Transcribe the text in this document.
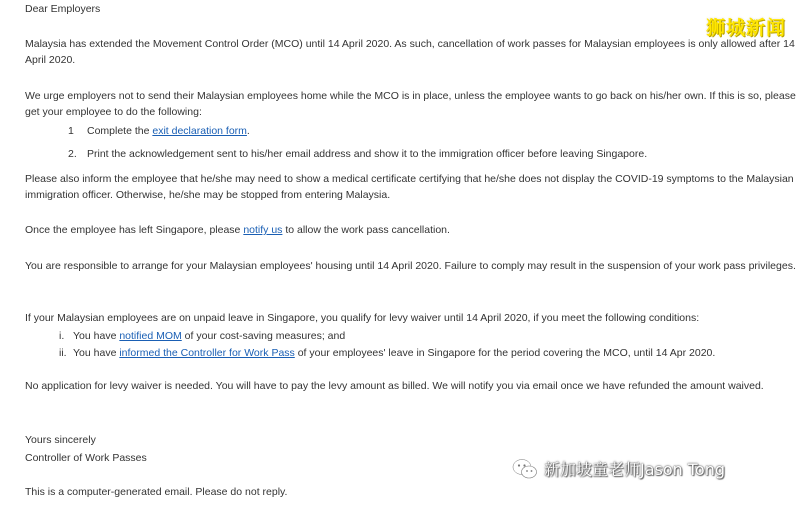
Dear Employers

Malaysia has extended the Movement Control Order (MCO) until 14 April 2020. As such, cancellation of work passes for Malaysian employees is only allowed after 14 April 2020.

We urge employers not to send their Malaysian employees home while the MCO is in place, unless the employee wants to go back on his/her own. If this is so, please get your employee to do the following:

1 Complete the exit declaration form.
2. Print the acknowledgement sent to his/her email address and show it to the immigration officer before leaving Singapore.

Please also inform the employee that he/she may need to show a medical certificate certifying that he/she does not display the COVID-19 symptoms to the Malaysian immigration officer. Otherwise, he/she may be stopped from entering Malaysia.

Once the employee has left Singapore, please notify us to allow the work pass cancellation.

You are responsible to arrange for your Malaysian employees' housing until 14 April 2020. Failure to comply may result in the suspension of your work pass privileges.

If your Malaysian employees are on unpaid leave in Singapore, you qualify for levy waiver until 14 April 2020, if you meet the following conditions:

i. You have notified MOM of your cost-saving measures; and
ii. You have informed the Controller for Work Pass of your employees' leave in Singapore for the period covering the MCO, until 14 Apr 2020.

No application for levy waiver is needed. You will have to pay the levy amount as billed. We will notify you via email once we have refunded the amount waived.

Yours sincerely

Controller of Work Passes

This is a computer-generated email. Please do not reply.

狮城新闻
新加坡童老师Jason Tong
